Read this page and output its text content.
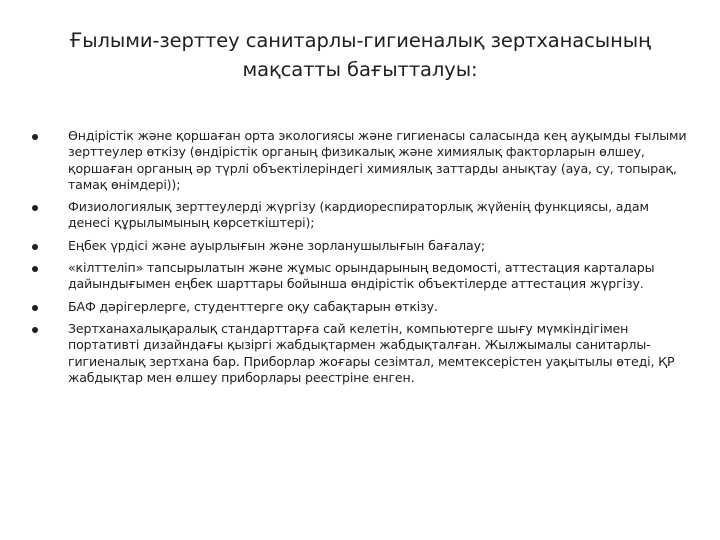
Ғылыми-зерттеу санитарлы-гигиеналық зертханасының мақсатты бағытталуы:
Өндірістік және қоршаған орта экологиясы және гигиенасы саласында кең ауқымды ғылыми зерттеулер өткізу (өндірістік органың физикалық және химиялық факторларын өлшеу, қоршаған органың әр түрлі объектілеріндегі химиялық заттарды анықтау (ауа, су, топырақ, тамақ өнімдері));
Физиологиялық зерттеулерді жүргізу (кардиореспираторлық жүйенің функциясы, адам денесі құрылымының көрсеткіштері);
Еңбек үрдісі және ауырлығын және зорланушылығын бағалау;
«кілттеліп» тапсырылатын және жұмыс орындарының ведомості, аттестация карталары дайындығымен еңбек шарттары бойынша өндірістік объектілерде аттестация жүргізу.
БАФ дәрігерлерге, студенттерге оқу сабақтарын өткізу.
Зертханахалықаралық стандарттарға сай келетін, компьютерге шығу мүмкіндігімен портативті дизайндағы қызіргі жабдықтармен жабдықталған. Жылжымалы санитарлы-гигиеналық зертхана бар. Приборлар жоғары сезімтал, мемтексерістен уақытылы өтеді, ҚР жабдықтар мен өлшеу приборлары реестріне енген.
